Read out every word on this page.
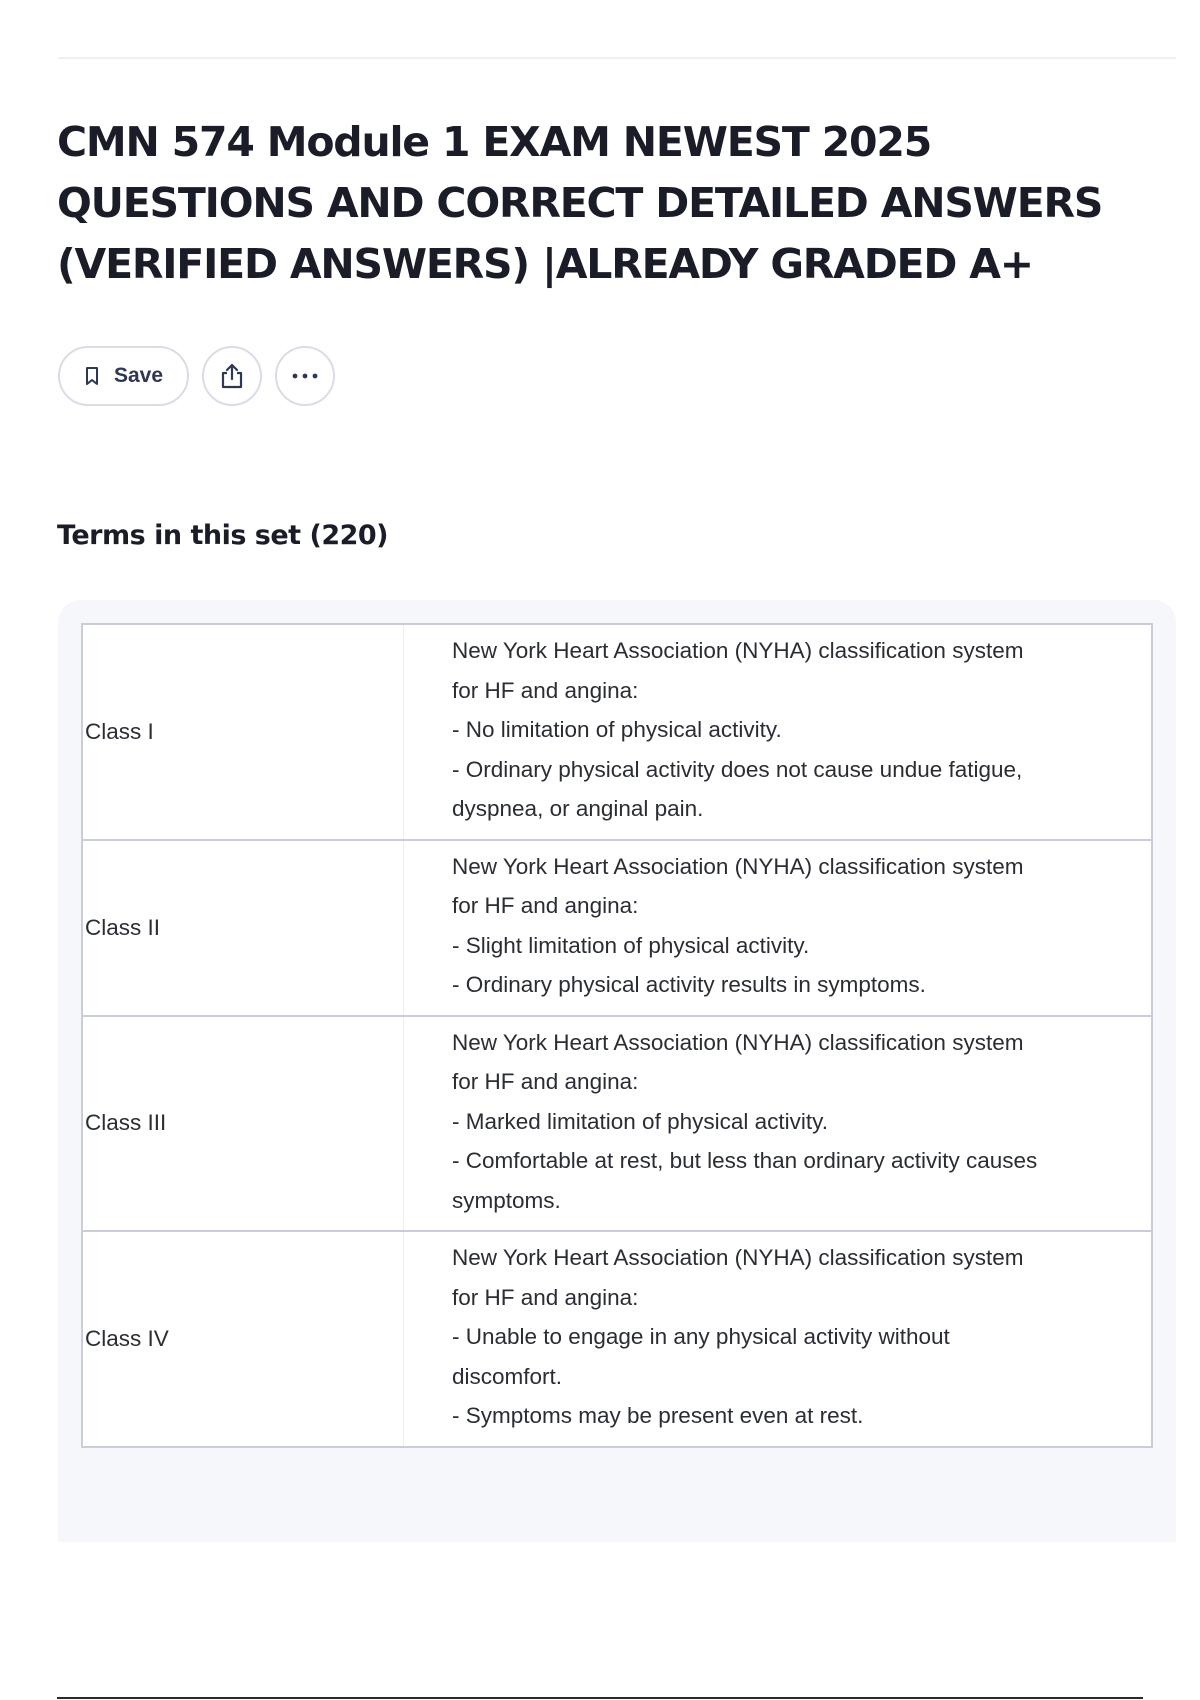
CMN 574 Module 1 EXAM NEWEST 2025 QUESTIONS AND CORRECT DETAILED ANSWERS (VERIFIED ANSWERS) |ALREADY GRADED A+
Save
Terms in this set (220)
Class I	New York Heart Association (NYHA) classification system for HF and angina:
- No limitation of physical activity.
- Ordinary physical activity does not cause undue fatigue, dyspnea, or anginal pain.
Class II	New York Heart Association (NYHA) classification system for HF and angina:
- Slight limitation of physical activity.
- Ordinary physical activity results in symptoms.
Class III	New York Heart Association (NYHA) classification system for HF and angina:
- Marked limitation of physical activity.
- Comfortable at rest, but less than ordinary activity causes symptoms.
Class IV	New York Heart Association (NYHA) classification system for HF and angina:
- Unable to engage in any physical activity without discomfort.
- Symptoms may be present even at rest.
